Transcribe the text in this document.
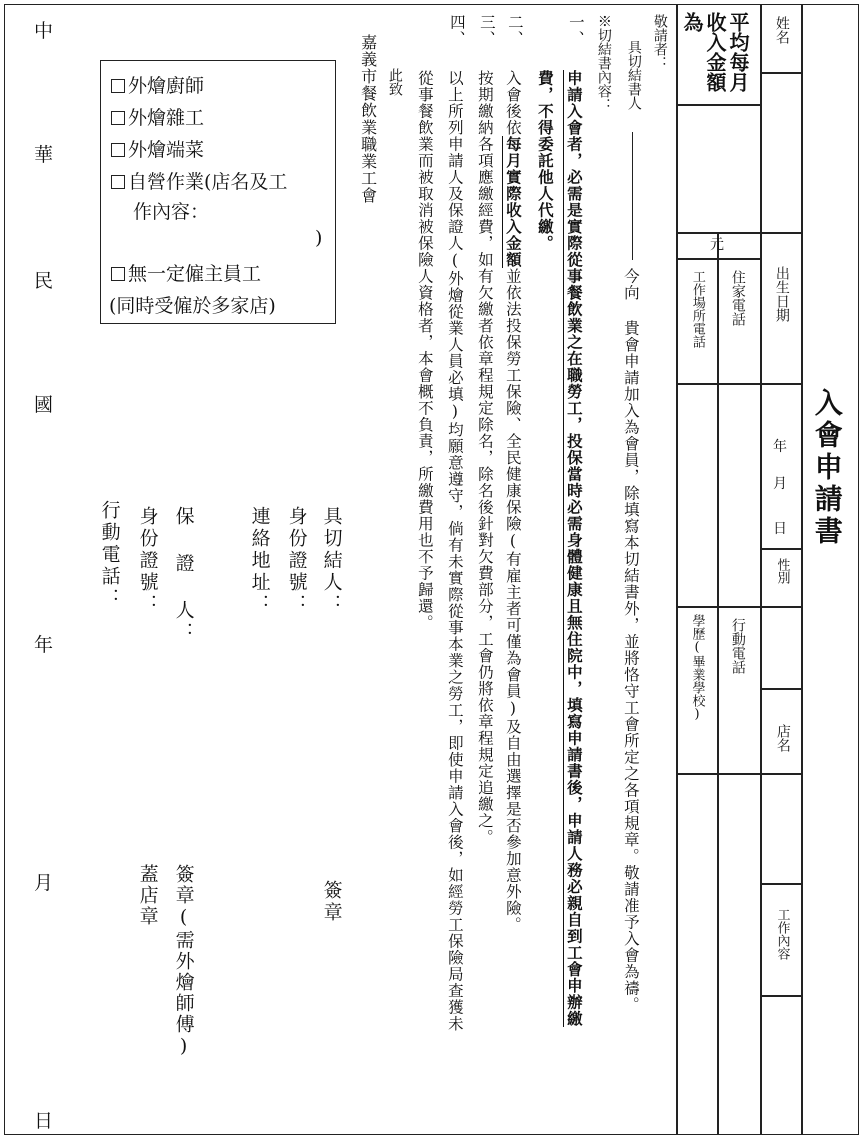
入會申請書
姓名
出生日期
年
月
日
性別
店名
工作內容
平均每月收入金額為
元
住家電話
工作場所電話
行動電話
學歷(畢業學校)
敬請者：
具切結書人
今向 貴會申請加入為會員，除填寫本切結書外，並將恪守工會所定之各項規章。敬請准予入會為禱。
※切結書內容：
一、
申請入會者，必需是實際從事餐飲業之在職勞工，投保當時必需身體健康且無住院中，填寫申請書後，申請人務必親自到工會申辦繳
費，不得委託他人代繳。
二、
入會後依每月實際收入金額並依法投保勞工保險、全民健康保險(有雇主者可僅為會員)及自由選擇是否參加意外險。
三、
按期繳納各項應繳經費，如有欠繳者依章程規定除名，除名後針對欠費部分，工會仍將依章程規定追繳之。
四、
以上所列申請人及保證人(外燴從業人員必填)均願意遵守，倘有未實際從事本業之勞工，即使申請入會後，如經勞工保險局查獲未
從事餐飲業而被取消被保險人資格者，本會概不負責，所繳費用也不予歸還。
此致
嘉義市餐飲業職業工會
外燴廚師
外燴雜工
外燴端菜
自營作業(店名及工
作內容：
)
無一定僱主員工
(同時受僱於多家店)
具切結人：
身份證號：
連絡地址：
保 證 人：
身份證號：
行動電話：
簽章
簽章(需外燴師傅)
蓋店章
中
華
民
國
年
月
日
